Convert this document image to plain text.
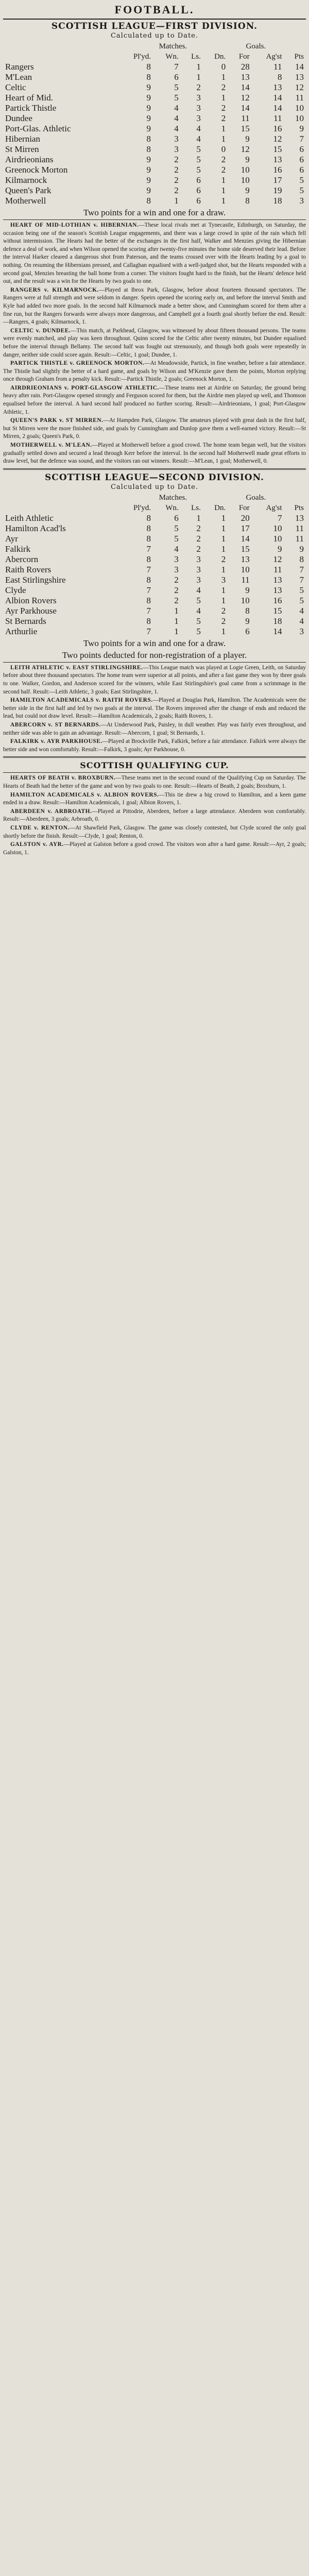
FOOTBALL.
SCOTTISH LEAGUE—FIRST DIVISION.
Calculated up to Date.
	Matches.				Goals.		
	Pl'yd.	Wn.	Ls.	Dn.	For	Ag'st	Pts
Rangers	8	7	1	0	28	11	14
M'Lean	8	6	1	1	13	8	13
Celtic	9	5	2	2	14	13	12
Heart of Mid.	9	5	3	1	12	14	11
Partick Thistle	9	4	3	2	14	14	10
Dundee	9	4	3	2	11	11	10
Port-Glas. Athletic	9	4	4	1	15	16	9
Hibernian	8	3	4	1	9	12	7
St Mirren	8	3	5	0	12	15	6
Airdrieonians	9	2	5	2	9	13	6
Greenock Morton	9	2	5	2	10	16	6
Kilmarnock	9	2	6	1	10	17	5
Queen's Park	9	2	6	1	9	19	5
Motherwell	8	1	6	1	8	18	3
Two points for a win and one for a draw.

HEART OF MID-LOTHIAN v. HIBERNIAN.—These local rivals met at Tynecastle, Edinburgh, on Saturday, the occasion being one of the season's Scottish League engagements, and there was a large crowd in spite of the rain which fell without intermission. The Hearts had the better of the exchanges in the first half, Walker and Menzies giving the Hibernian defence a deal of work, and when Wilson opened the scoring after twenty-five minutes the home side deserved their lead. Before the interval Harker cleared a dangerous shot from Paterson, and the teams crossed over with the Hearts leading by a goal to nothing. On resuming the Hibernians pressed, and Callaghan equalised with a well-judged shot, but the Hearts responded with a second goal, Menzies breasting the ball home from a corner. The visitors fought hard to the finish, but the Hearts' defence held out, and the result was a win for the Hearts by two goals to one.

RANGERS v. KILMARNOCK.—Played at Ibrox Park, Glasgow, before about fourteen thousand spectators. The Rangers were at full strength and were seldom in danger. Speirs opened the scoring early on, and before the interval Smith and Kyle had added two more goals. In the second half Kilmarnock made a better show, and Cunningham scored for them after a fine run, but the Rangers forwards were always more dangerous, and Campbell got a fourth goal shortly before the end. Result:—Rangers, 4 goals; Kilmarnock, 1.

CELTIC v. DUNDEE.—This match, at Parkhead, Glasgow, was witnessed by about fifteen thousand persons. The teams were evenly matched, and play was keen throughout. Quinn scored for the Celtic after twenty minutes, but Dundee equalised before the interval through Bellamy. The second half was fought out strenuously, and though both goals were repeatedly in danger, neither side could score again. Result:—Celtic, 1 goal; Dundee, 1.

PARTICK THISTLE v. GREENOCK MORTON.—At Meadowside, Partick, in fine weather, before a fair attendance. The Thistle had slightly the better of a hard game, and goals by Wilson and M'Kenzie gave them the points, Morton replying once through Graham from a penalty kick. Result:—Partick Thistle, 2 goals; Greenock Morton, 1.

AIRDRIEONIANS v. PORT-GLASGOW ATHLETIC.—These teams met at Airdrie on Saturday, the ground being heavy after rain. Port-Glasgow opened strongly and Ferguson scored for them, but the Airdrie men played up well, and Thomson equalised before the interval. A hard second half produced no further scoring. Result:—Airdrieonians, 1 goal; Port-Glasgow Athletic, 1.

QUEEN'S PARK v. ST MIRREN.—At Hampden Park, Glasgow. The amateurs played with great dash in the first half, but St Mirren were the more finished side, and goals by Cunningham and Dunlop gave them a well-earned victory. Result:—St Mirren, 2 goals; Queen's Park, 0.

MOTHERWELL v. M'LEAN.—Played at Motherwell before a good crowd. The home team began well, but the visitors gradually settled down and secured a lead through Kerr before the interval. In the second half Motherwell made great efforts to draw level, but the defence was sound, and the visitors ran out winners. Result:—M'Lean, 1 goal; Motherwell, 0.

SCOTTISH LEAGUE—SECOND DIVISION.
Calculated up to Date.
	Matches.				Goals.		
	Pl'yd.	Wn.	Ls.	Dn.	For	Ag'st	Pts
Leith Athletic	8	6	1	1	20	7	13
Hamilton Acad'ls	8	5	2	1	17	10	11
Ayr	8	5	2	1	14	10	11
Falkirk	7	4	2	1	15	9	9
Abercorn	8	3	3	2	13	12	8
Raith Rovers	7	3	3	1	10	11	7
East Stirlingshire	8	2	3	3	11	13	7
Clyde	7	2	4	1	9	13	5
Albion Rovers	8	2	5	1	10	16	5
Ayr Parkhouse	7	1	4	2	8	15	4
St Bernards	8	1	5	2	9	18	4
Arthurlie	7	1	5	1	6	14	3
Two points for a win and one for a draw.
Two points deducted for non-registration of a player.

LEITH ATHLETIC v. EAST STIRLINGSHIRE.—This League match was played at Logie Green, Leith, on Saturday before about three thousand spectators. The home team were superior at all points, and after a fast game they won by three goals to one. Walker, Gordon, and Anderson scored for the winners, while East Stirlingshire's goal came from a scrimmage in the second half. Result:—Leith Athletic, 3 goals; East Stirlingshire, 1.

HAMILTON ACADEMICALS v. RAITH ROVERS.—Played at Douglas Park, Hamilton. The Academicals were the better side in the first half and led by two goals at the interval. The Rovers improved after the change of ends and reduced the lead, but could not draw level. Result:—Hamilton Academicals, 2 goals; Raith Rovers, 1.

ABERCORN v. ST BERNARDS.—At Underwood Park, Paisley, in dull weather. Play was fairly even throughout, and neither side was able to gain an advantage. Result:—Abercorn, 1 goal; St Bernards, 1.

FALKIRK v. AYR PARKHOUSE.—Played at Brockville Park, Falkirk, before a fair attendance. Falkirk were always the better side and won comfortably. Result:—Falkirk, 3 goals; Ayr Parkhouse, 0.

SCOTTISH QUALIFYING CUP.

HEARTS OF BEATH v. BROXBURN.—These teams met in the second round of the Qualifying Cup on Saturday. The Hearts of Beath had the better of the game and won by two goals to one. Result:—Hearts of Beath, 2 goals; Broxburn, 1.

HAMILTON ACADEMICALS v. ALBION ROVERS.—This tie drew a big crowd to Hamilton, and a keen game ended in a draw. Result:—Hamilton Academicals, 1 goal; Albion Rovers, 1.

ABERDEEN v. ARBROATH.—Played at Pittodrie, Aberdeen, before a large attendance. Aberdeen won comfortably. Result:—Aberdeen, 3 goals; Arbroath, 0.

CLYDE v. RENTON.—At Shawfield Park, Glasgow. The game was closely contested, but Clyde scored the only goal shortly before the finish. Result:—Clyde, 1 goal; Renton, 0.

GALSTON v. AYR.—Played at Galston before a good crowd. The visitors won after a hard game. Result:—Ayr, 2 goals; Galston, 1.
